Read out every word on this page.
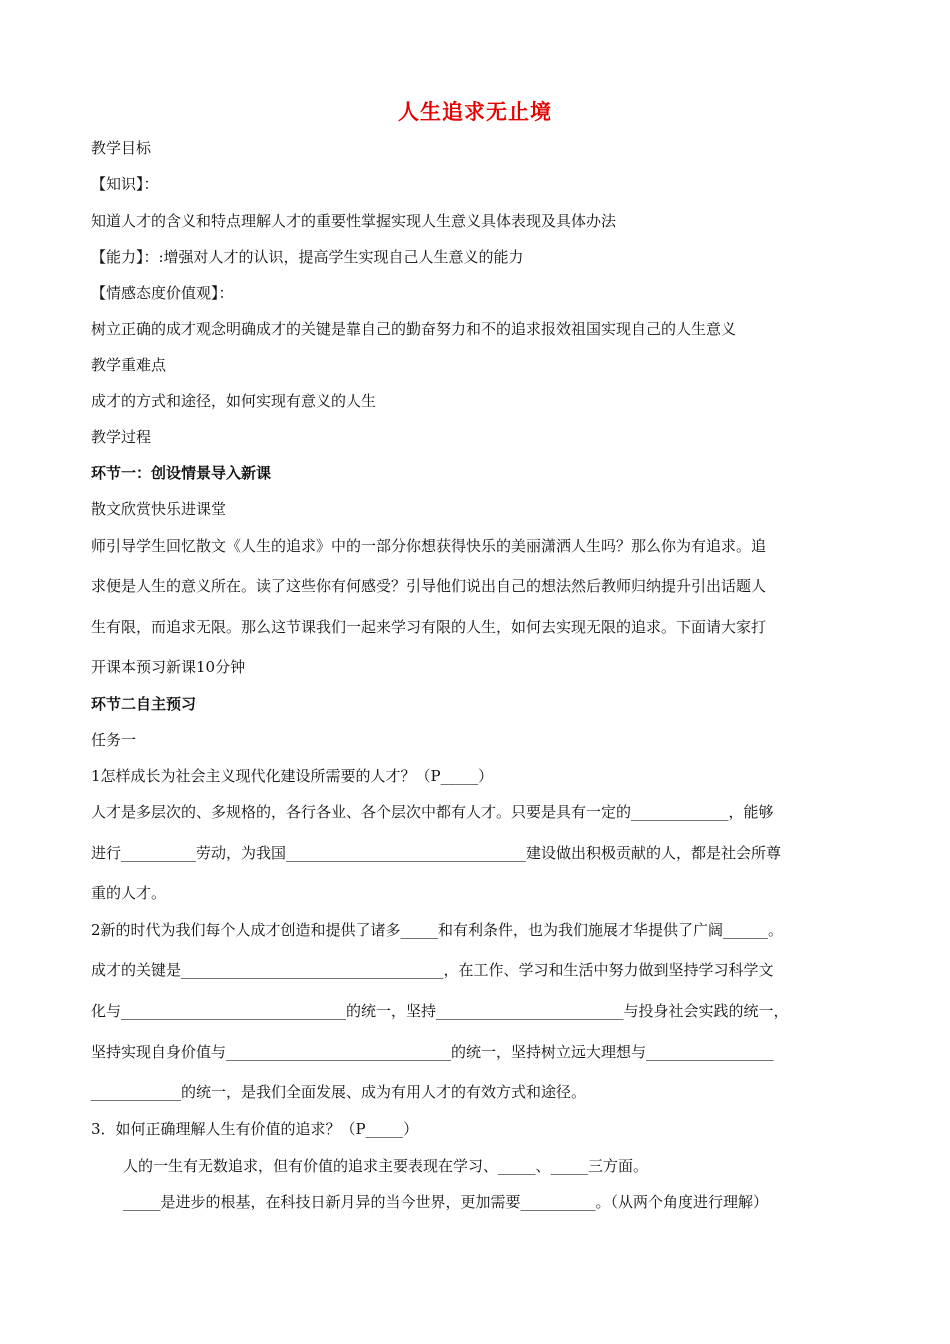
人生追求无止境
教学目标
【知识】：
知道人才的含义和特点理解人才的重要性掌握实现人生意义具体表现及具体办法
【能力】：:增强对人才的认识，提高学生实现自己人生意义的能力
【情感态度价值观】：
树立正确的成才观念明确成才的关键是靠自己的勤奋努力和不的追求报效祖国实现自己的人生意义
教学重难点
成才的方式和途径，如何实现有意义的人生
教学过程
环节一：创设情景导入新课
散文欣赏快乐进课堂
师引导学生回忆散文《人生的追求》中的一部分你想获得快乐的美丽潇洒人生吗？那么你为有追求。追
求便是人生的意义所在。读了这些你有何感受？引导他们说出自己的想法然后教师归纳提升引出话题人
生有限，而追求无限。那么这节课我们一起来学习有限的人生，如何去实现无限的追求。下面请大家打
开课本预习新课10分钟
环节二自主预习
任务一
1怎样成长为社会主义现代化建设所需要的人才？（P_____）
人才是多层次的、多规格的，各行各业、各个层次中都有人才。只要是具有一定的_____________，能够
进行__________劳动，为我国________________________________建设做出积极贡献的人，都是社会所尊
重的人才。
2新的时代为我们每个人成才创造和提供了诸多_____和有利条件，也为我们施展才华提供了广阔______。
成才的关键是___________________________________，在工作、学习和生活中努力做到坚持学习科学文
化与______________________________的统一，坚持_________________________与投身社会实践的统一，
坚持实现自身价值与______________________________的统一，坚持树立远大理想与_________________
____________的统一，是我们全面发展、成为有用人才的有效方式和途径。
3．如何正确理解人生有价值的追求？（P_____）
人的一生有无数追求，但有价值的追求主要表现在学习、_____、_____三方面。
_____是进步的根基，在科技日新月异的当今世界，更加需要__________。（从两个角度进行理解）
